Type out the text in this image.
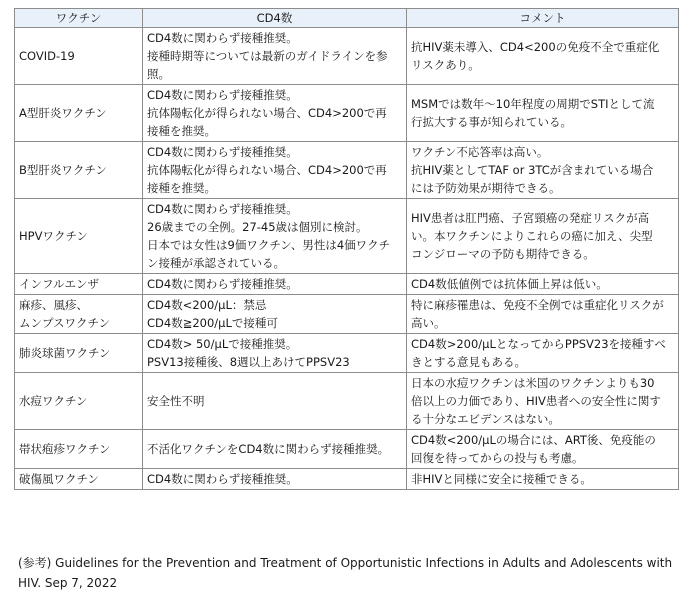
ワクチン	CD4数	コメント

COVID-19	CD4数に関わらず接種推奨。
接種時期等については最新のガイドラインを参
照。	抗HIV薬未導入、CD4<200の免疫不全で重症化
リスクあり。

A型肝炎ワクチン	CD4数に関わらず接種推奨。
抗体陽転化が得られない場合、CD4>200で再
接種を推奨。	MSMでは数年～10年程度の周期でSTIとして流
行拡大する事が知られている。

B型肝炎ワクチン	CD4数に関わらず接種推奨。
抗体陽転化が得られない場合、CD4>200で再
接種を推奨。	ワクチン不応答率は高い。
抗HIV薬としてTAF or 3TCが含まれている場合
には予防効果が期待できる。

HPVワクチン	CD4数に関わらず接種推奨。
26歳までの全例。27-45歳は個別に検討。
日本では女性は9価ワクチン、男性は4価ワクチ
ン接種が承認されている。	HIV患者は肛門癌、子宮頸癌の発症リスクが高
い。本ワクチンによりこれらの癌に加え、尖型
コンジローマの予防も期待できる。

インフルエンザ	CD4数に関わらず接種推奨。	CD4数低値例では抗体価上昇は低い。

麻疹、風疹、
ムンプスワクチン	CD4数<200/μL：禁忌
CD4数≧200/μLで接種可	特に麻疹罹患は、免疫不全例では重症化リスクが
高い。

肺炎球菌ワクチン	CD4数> 50/μLで接種推奨。
PSV13接種後、8週以上あけてPPSV23	CD4数>200/μLとなってからPPSV23を接種すべ
きとする意見もある。

水痘ワクチン	安全性不明	日本の水痘ワクチンは米国のワクチンよりも30
倍以上の力価であり、HIV患者への安全性に関す
る十分なエビデンスはない。

帯状疱疹ワクチン	不活化ワクチンをCD4数に関わらず接種推奨。	CD4数<200/μLの場合には、ART後、免疫能の
回復を待ってからの投与も考慮。

破傷風ワクチン	CD4数に関わらず接種推奨。	非HIVと同様に安全に接種できる。
(参考) Guidelines for the Prevention and Treatment of Opportunistic Infections in Adults and Adolescents with
HIV. Sep 7, 2022
